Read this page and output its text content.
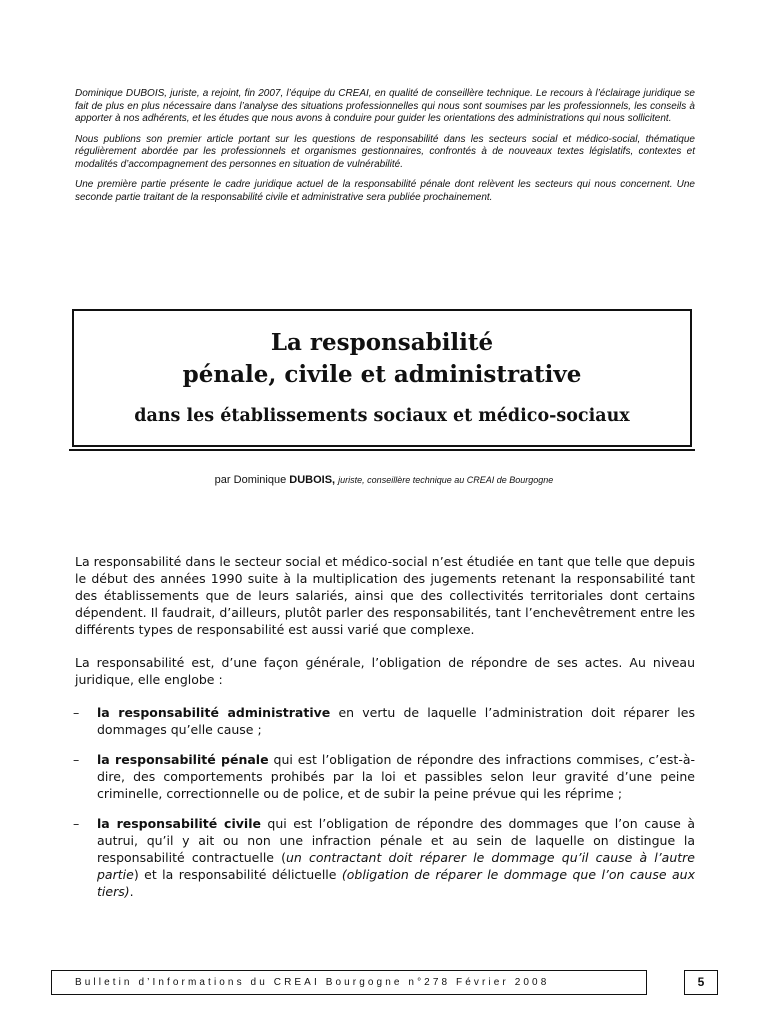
Dominique DUBOIS, juriste, a rejoint, fin 2007, l’équipe du CREAI, en qualité de conseillère technique. Le recours à l’éclairage juridique se fait de plus en plus nécessaire dans l’analyse des situations professionnelles qui nous sont soumises par les professionnels, les conseils à apporter à nos adhérents, et les études que nous avons à conduire pour guider les orientations des administrations qui nous sollicitent.

Nous publions son premier article portant sur les questions de responsabilité dans les secteurs social et médico-social, thématique régulièrement abordée par les professionnels et organismes gestionnaires, confrontés à de nouveaux textes législatifs, contextes et modalités d’accompagnement des personnes en situation de vulnérabilité.

Une première partie présente le cadre juridique actuel de la responsabilité pénale dont relèvent les secteurs qui nous concernent. Une seconde partie traitant de la responsabilité civile et administrative sera publiée prochainement.

La responsabilité
pénale, civile et administrative
dans les établissements sociaux et médico-sociaux
par Dominique DUBOIS, juriste, conseillère technique au CREAI de Bourgogne

La responsabilité dans le secteur social et médico-social n’est étudiée en tant que telle que depuis le début des années 1990 suite à la multiplication des jugements retenant la responsabilité tant des établissements que de leurs salariés, ainsi que des collectivités territoriales dont certains dépendent. Il faudrait, d’ailleurs, plutôt parler des responsabilités, tant l’enchevêtrement entre les différents types de responsabilité est aussi varié que complexe.

La responsabilité est, d’une façon générale, l’obligation de répondre de ses actes. Au niveau juridique, elle englobe :

– la responsabilité administrative en vertu de laquelle l’administration doit réparer les dommages qu’elle cause ;
– la responsabilité pénale qui est l’obligation de répondre des infractions commises, c’est-à-dire, des comportements prohibés par la loi et passibles selon leur gravité d’une peine criminelle, correctionnelle ou de police, et de subir la peine prévue qui les réprime ;
– la responsabilité civile qui est l’obligation de répondre des dommages que l’on cause à autrui, qu’il y ait ou non une infraction pénale et au sein de laquelle on distingue la responsabilité contractuelle (un contractant doit réparer le dommage qu’il cause à l’autre partie) et la responsabilité délictuelle (obligation de réparer le dommage que l’on cause aux tiers).
Bulletin d’Informations du CREAI Bourgogne n°278 Février 2008	5
